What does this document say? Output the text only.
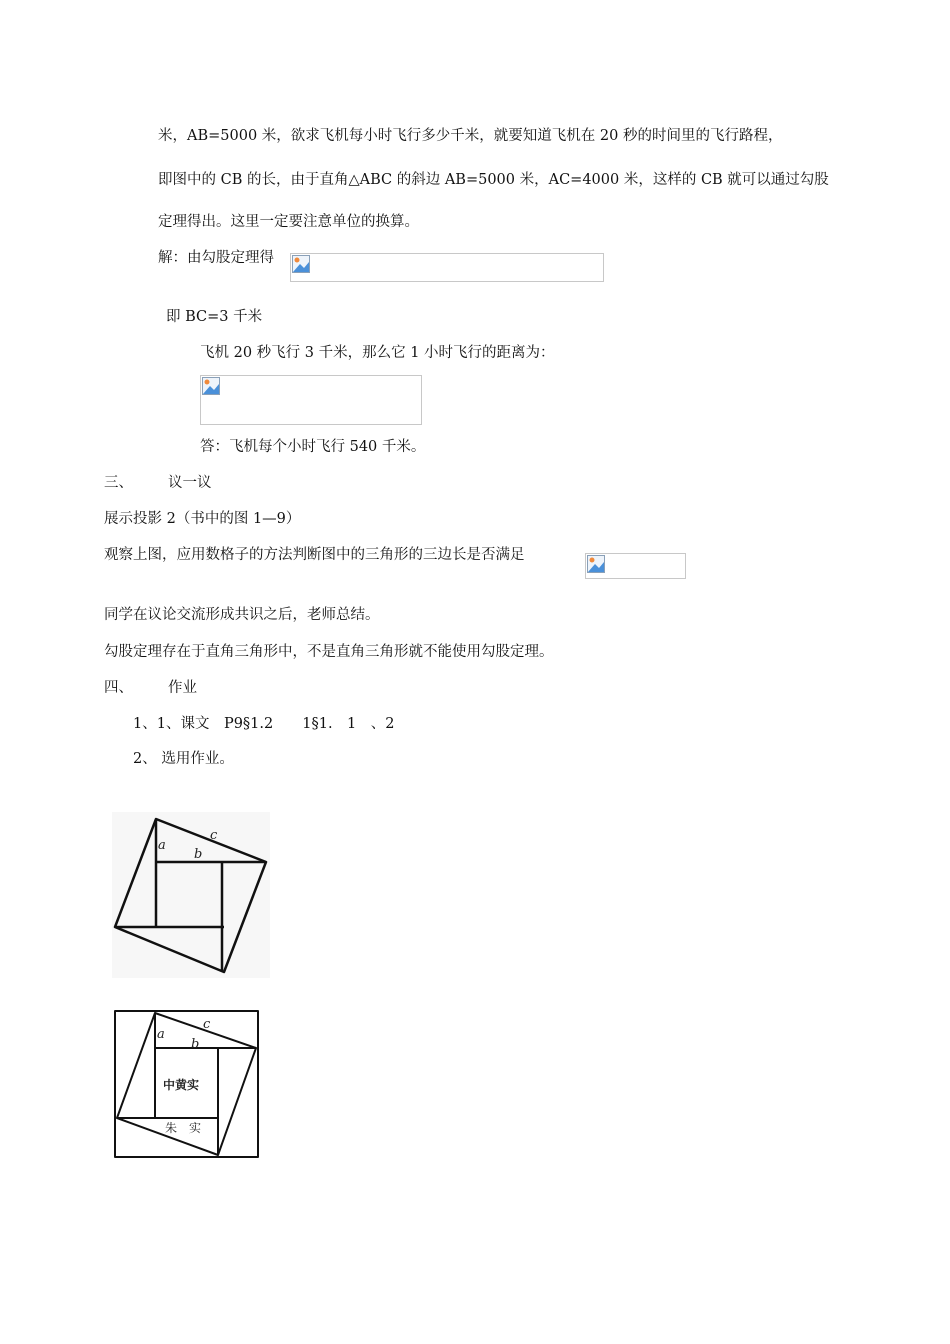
米，AB=5000 米，欲求飞机每小时飞行多少千米，就要知道飞机在 20 秒的时间里的飞行路程，
即图中的 CB 的长，由于直角△ABC 的斜边 AB=5000 米，AC=4000 米，这样的 CB 就可以通过勾股
定理得出。这里一定要注意单位的换算。
解：由勾股定理得
即 BC=3 千米
飞机 20 秒飞行 3 千米，那么它 1 小时飞行的距离为：
答：飞机每个小时飞行 540 千米。
三、 议一议
展示投影 2（书中的图 1—9）
观察上图，应用数格子的方法判断图中的三角形的三边长是否满足
同学在议论交流形成共识之后，老师总结。
勾股定理存在于直角三角形中，不是直角三角形就不能使用勾股定理。
四、 作业
1、1、课文　P9§1.2　　1§1.　1　、2
2、 选用作业。
a
b
c
a
b
c
中黄实
朱　实
